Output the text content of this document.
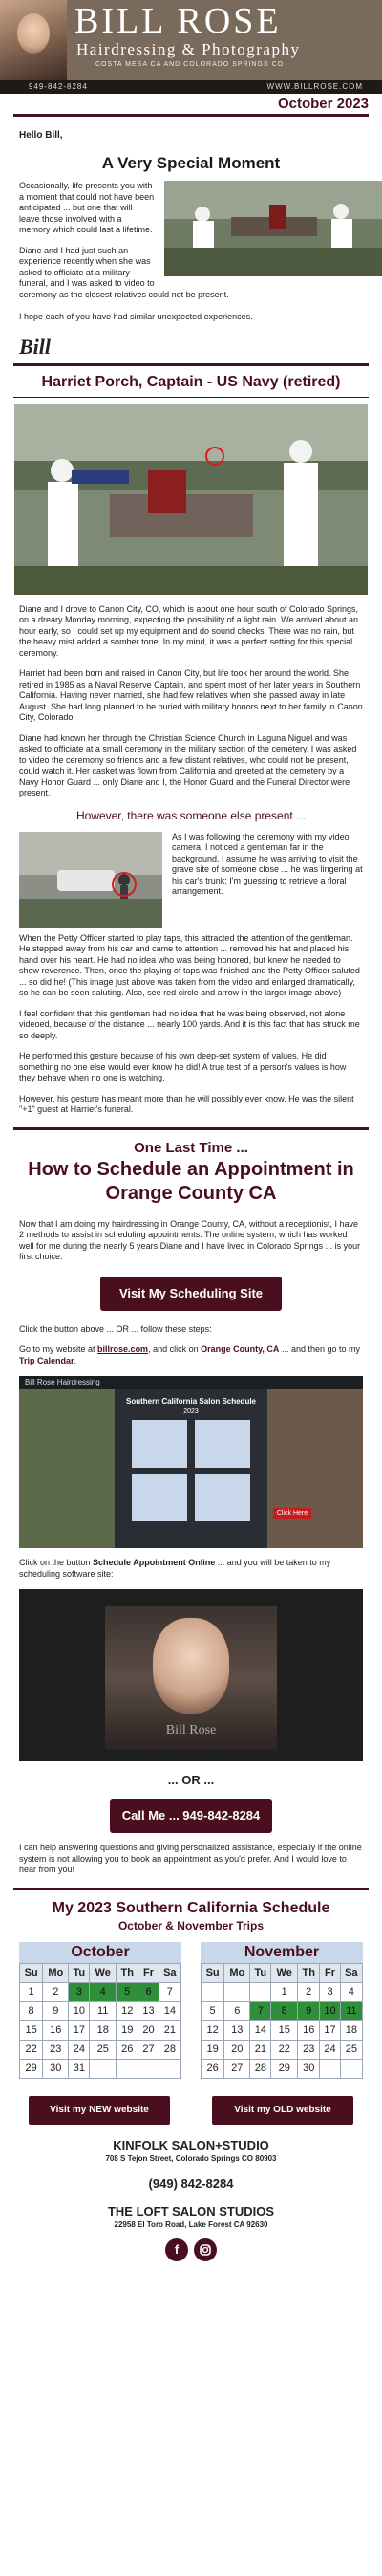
BILL ROSE
Hairdressing & Photography
COSTA MESA CA AND COLORADO SPRINGS CO
949-842-8284	WWW.BILLROSE.COM
October 2023
Hello Bill,
A Very Special Moment

Occasionally, life presents you with a moment that could not have been anticipated ... but one that will leave those involved with a memory which could last a lifetime.

Diane and I had just such an experience recently when she was asked to officiate at a military funeral, and I was asked to video to ceremony as the closest relatives could not be present.

I hope each of you have had similar unexpected experiences.

Bill
Harriet Porch, Captain - US Navy (retired)

Diane and I drove to Canon City, CO, which is about one hour south of Colorado Springs, on a dreary Monday morning, expecting the possibility of a light rain. We arrived about an hour early, so I could set up my equipment and do sound checks. There was no rain, but the heavy mist added a somber tone. In my mind, it was a perfect setting for this special ceremony.

Harriet had been born and raised in Canon City, but life took her around the world. She retired in 1985 as a Naval Reserve Captain, and spent most of her later years in Southern California. Having never married, she had few relatives when she passed away in late August. She had long planned to be buried with military honors next to her family in Canon City, Colorado.

Diane had known her through the Christian Science Church in Laguna Niguel and was asked to officiate at a small ceremony in the military section of the cemetery. I was asked to video the ceremony so friends and a few distant relatives, who could not be present, could watch it. Her casket was flown from California and greeted at the cemetery by a Navy Honor Guard ... only Diane and I, the Honor Guard and the Funeral Director were present.

However, there was someone else present ...

As I was following the ceremony with my video camera, I noticed a gentleman far in the background. I assume he was arriving to visit the grave site of someone close ... he was lingering at his car's trunk; I'm guessing to retrieve a floral arrangement.

When the Petty Officer started to play taps, this attracted the attention of the gentleman. He stepped away from his car and came to attention ... removed his hat and placed his hand over his heart. He had no idea who was being honored, but knew he needed to show reverence. Then, once the playing of taps was finished and the Petty Officer saluted ... so did he! (This image just above was taken from the video and enlarged dramatically, so he can be seen saluting. Also, see red circle and arrow in the larger image above)

I feel confident that this gentleman had no idea that he was being observed, not alone videoed, because of the distance ... nearly 100 yards. And it is this fact that has struck me so deeply.

He performed this gesture because of his own deep-set system of values. He did something no one else would ever know he did! A true test of a person's values is how they behave when no one is watching.

However, his gesture has meant more than he will possibly ever know. He was the silent "+1" guest at Harriet's funeral.

One Last Time ...
How to Schedule an Appointment in Orange County CA

Now that I am doing my hairdressing in Orange County, CA, without a receptionist, I have 2 methods to assist in scheduling appointments. The online system, which has worked well for me during the nearly 5 years Diane and I have lived in Colorado Springs ... is your first choice.

Visit My Scheduling Site

Click the button above ... OR ... follow these steps:

Go to my website at billrose.com, and click on Orange County, CA ... and then go to my Trip Calendar.

Bill Rose Hairdressing
Southern California Salon Schedule
2023
Click Here

Click on the button Schedule Appointment Online ... and you will be taken to my scheduling software site:

Bill Rose
... OR ...
Call Me ... 949-842-8284

I can help answering questions and giving personalized assistance, especially if the online system is not allowing you to book an appointment as you'd prefer. And I would love to hear from you!

My 2023 Southern California Schedule
October & November Trips
October
Su	Mo	Tu	We	Th	Fr	Sa
1	2	3	4	5	6	7
8	9	10	11	12	13	14
15	16	17	18	19	20	21
22	23	24	25	26	27	28
29	30	31				
November
Su	Mo	Tu	We	Th	Fr	Sa
			1	2	3	4
5	6	7	8	9	10	11
12	13	14	15	16	17	18
19	20	21	22	23	24	25
26	27	28	29	30		
Visit my NEW website	Visit my OLD website
KINFOLK SALON+STUDIO
708 S Tejon Street, Colorado Springs CO 80903
(949) 842-8284
THE LOFT SALON STUDIOS
22958 El Toro Road, Lake Forest CA 92630
f
